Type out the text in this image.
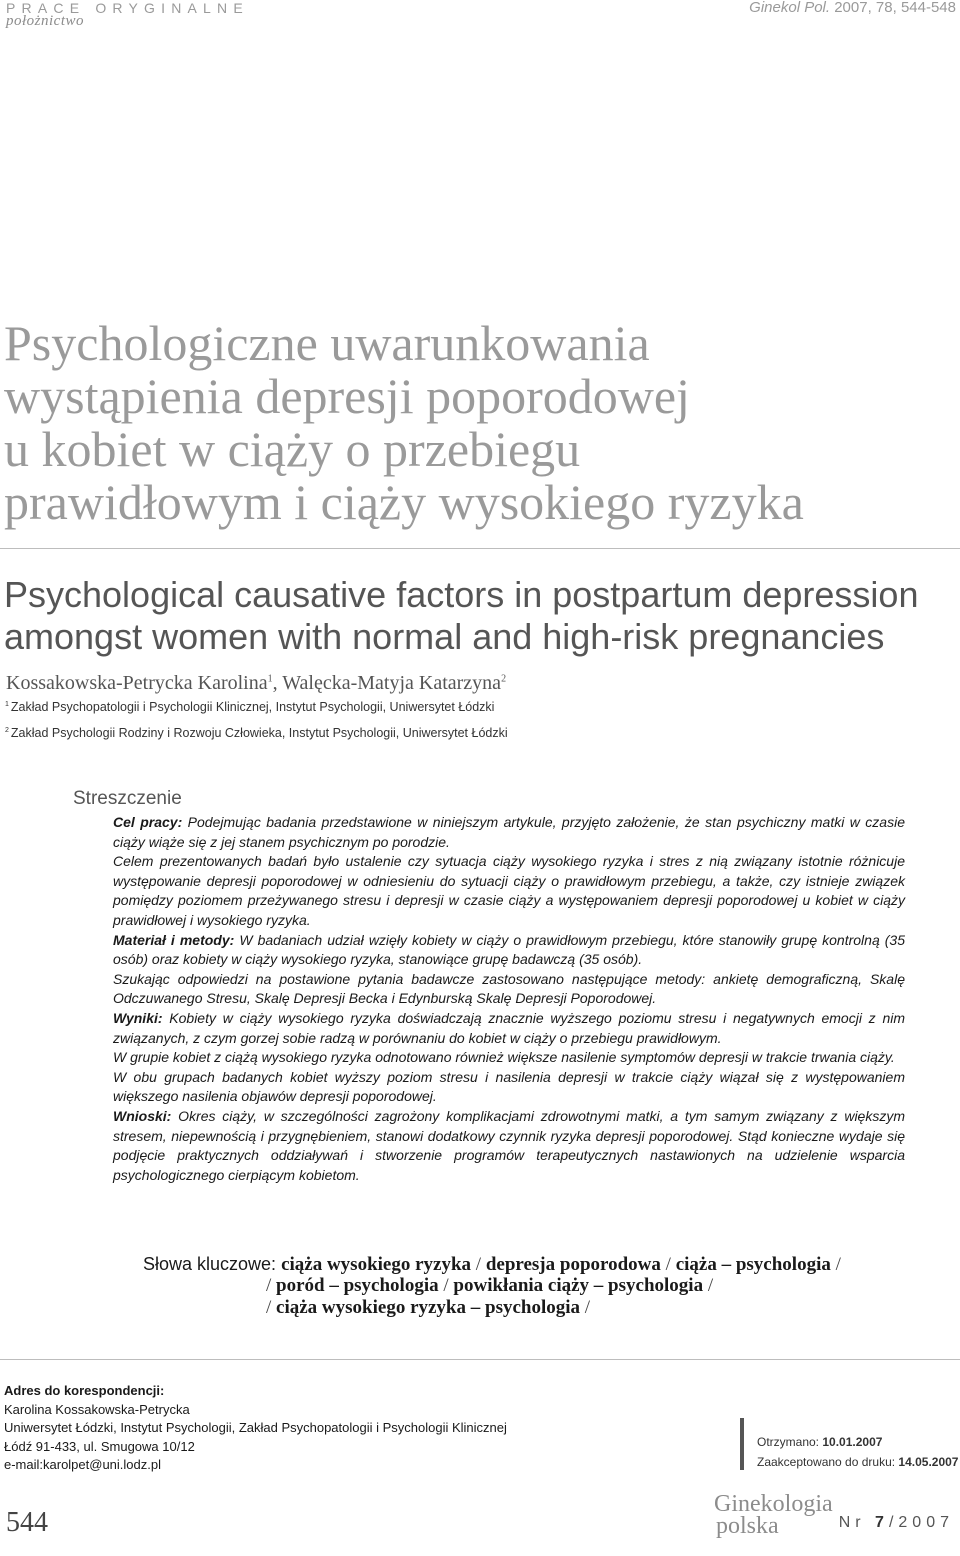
PRACE ORYGINALNE
położnictwo
Ginekol Pol. 2007, 78, 544-548
Psychologiczne uwarunkowania
wystąpienia depresji poporodowej
u kobiet w ciąży o przebiegu
prawidłowym i ciąży wysokiego ryzyka
Psychological causative factors in postpartum depression
amongst women with normal and high-risk pregnancies
Kossakowska-Petrycka Karolina$^1$, Walęcka-Matyja Katarzyna$^2$
$^1$ Zakład Psychopatologii i Psychologii Klinicznej, Instytut Psychologii, Uniwersytet Łódzki
$^2$ Zakład Psychologii Rodziny i Rozwoju Człowieka, Instytut Psychologii, Uniwersytet Łódzki
Streszczenie

Cel pracy: Podejmując badania przedstawione w niniejszym artykule, przyjęto założenie, że stan psychiczny matki w czasie ciąży wiąże się z jej stanem psychicznym po porodzie.

Celem prezentowanych badań było ustalenie czy sytuacja ciąży wysokiego ryzyka i stres z nią związany istotnie różnicuje występowanie depresji poporodowej w odniesieniu do sytuacji ciąży o prawidłowym przebiegu, a także, czy istnieje związek pomiędzy poziomem przeżywanego stresu i depresji w czasie ciąży a występowaniem depresji poporodowej u kobiet w ciąży prawidłowej i wysokiego ryzyka.

Materiał i metody: W badaniach udział wzięły kobiety w ciąży o prawidłowym przebiegu, które stanowiły grupę kontrolną (35 osób) oraz kobiety w ciąży wysokiego ryzyka, stanowiące grupę badawczą (35 osób).

Szukając odpowiedzi na postawione pytania badawcze zastosowano następujące metody: ankietę demograficzną, Skalę Odczuwanego Stresu, Skalę Depresji Becka i Edynburską Skalę Depresji Poporodowej.

Wyniki: Kobiety w ciąży wysokiego ryzyka doświadczają znacznie wyższego poziomu stresu i negatywnych emocji z nim związanych, z czym gorzej sobie radzą w porównaniu do kobiet w ciąży o przebiegu prawidłowym.

W grupie kobiet z ciążą wysokiego ryzyka odnotowano również większe nasilenie symptomów depresji w trakcie trwania ciąży.

W obu grupach badanych kobiet wyższy poziom stresu i nasilenia depresji w trakcie ciąży wiązał się z występowaniem większego nasilenia objawów depresji poporodowej.

Wnioski: Okres ciąży, w szczególności zagrożony komplikacjami zdrowotnymi matki, a tym samym związany z większym stresem, niepewnością i przygnębieniem, stanowi dodatkowy czynnik ryzyka depresji poporodowej. Stąd konieczne wydaje się podjęcie praktycznych oddziaływań i stworzenie programów terapeutycznych nastawionych na udzielenie wsparcia psychologicznego cierpiącym kobietom.

Słowa kluczowe: ciąża wysokiego ryzyka / depresja poporodowa / ciąża – psychologia /
/ poród – psychologia / powikłania ciąży – psychologia /
/ ciąża wysokiego ryzyka – psychologia /
Adres do korespondencji:
Karolina Kossakowska-Petrycka
Uniwersytet Łódzki, Instytut Psychologii, Zakład Psychopatologii i Psychologii Klinicznej
Łódź 91-433, ul. Smugowa 10/12
e-mail:karolpet@uni.lodz.pl
Otrzymano: 10.01.2007
Zaakceptowano do druku: 14.05.2007
544
Ginekologia
polska	Nr 7/2007
